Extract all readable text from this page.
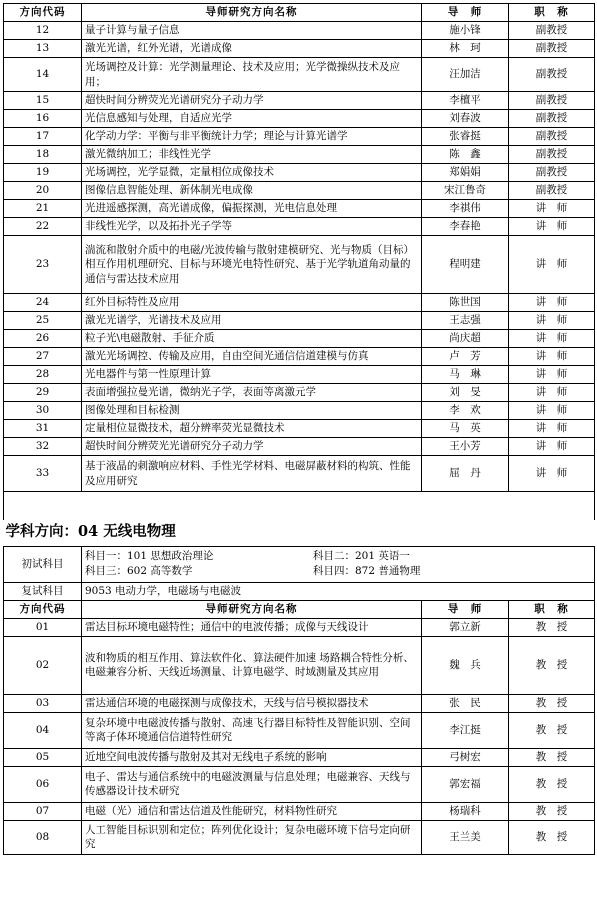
方向代码	导师研究方向名称	导　师	职　称
12	量子计算与量子信息	施小锋	副教授
13	激光光谱，红外光谱，光谱成像	林　珂	副教授
14	光场调控及计算：光学测量理论、技术及应用；光学微操纵技术及应用；	汪加洁	副教授
15	超快时间分辨荧光光谱研究分子动力学	李檀平	副教授
16	光信息感知与处理，自适应光学	刘春波	副教授
17	化学动力学：平衡与非平衡统计力学；理论与计算光谱学	张睿挺	副教授
18	激光微纳加工；非线性光学	陈　鑫	副教授
19	光场调控，光学显微，定量相位成像技术	郑娟娟	副教授
20	图像信息智能处理、新体制光电成像	宋江鲁奇	副教授
21	光进遥感探测，高光谱成像，偏振探测，光电信息处理	李祺伟	讲　师
22	非线性光学，以及拓扑光子学等	李春艳	讲　师
23	湍流和散射介质中的电磁/光波传输与散射建模研究、光与物质（目标）相互作用机理研究、目标与环境光电特性研究、基于光学轨道角动量的通信与雷达技术应用	程明建	讲　师
24	红外目标特性及应用	陈世国	讲　师
25	激光光谱学，光谱技术及应用	王志强	讲　师
26	粒子光\电磁散射、手征介质	尚庆超	讲　师
27	激光光场调控、传输及应用，自由空间光通信信道建模与仿真	卢　芳	讲　师
28	光电器件与第一性原理计算	马　琳	讲　师
29	表面增强拉曼光谱，微纳光子学，表面等离激元学	刘　旻	讲　师
30	图像处理和目标检测	李　欢	讲　师
31	定量相位显微技术，超分辨率荧光显微技术	马　英	讲　师
32	超快时间分辨荧光光谱研究分子动力学	王小芳	讲　师
33	基于液晶的刺激响应材料、手性光学材料、电磁屏蔽材料的构筑、性能及应用研究	屈　丹	讲　师

学科方向：04 无线电物理			
初试科目	科目一：101 思想政治理论 科目二：201 英语一
科目三：602 高等数学 科目四：872 普通物理		

复试科目	9053 电动力学，电磁场与电磁波		
方向代码	导师研究方向名称	导　师	职　称
01	雷达目标环境电磁特性；通信中的电波传播；成像与天线设计	郭立新	教　授
02	波和物质的相互作用、算法软件化、算法硬件加速 场路耦合特性分析、电磁兼容分析、天线近场测量、计算电磁学、时域测量及其应用	魏　兵	教　授
03	雷达通信环境的电磁探测与成像技术，天线与信号模拟器技术	张　民	教　授
04	复杂环境中电磁波传播与散射、高速飞行器目标特性及智能识别、空间等离子体环境通信信道特性研究	李江挺	教　授
05	近地空间电波传播与散射及其对无线电子系统的影响	弓树宏	教　授
06	电子、雷达与通信系统中的电磁波测量与信息处理；电磁兼容、天线与传感器设计技术研究	郭宏福	教　授
07	电磁（光）通信和雷达信道及性能研究，材料物性研究	杨瑞科	教　授
08	人工智能目标识别和定位；阵列优化设计；复杂电磁环境下信号定向研究	王兰美	教　授
